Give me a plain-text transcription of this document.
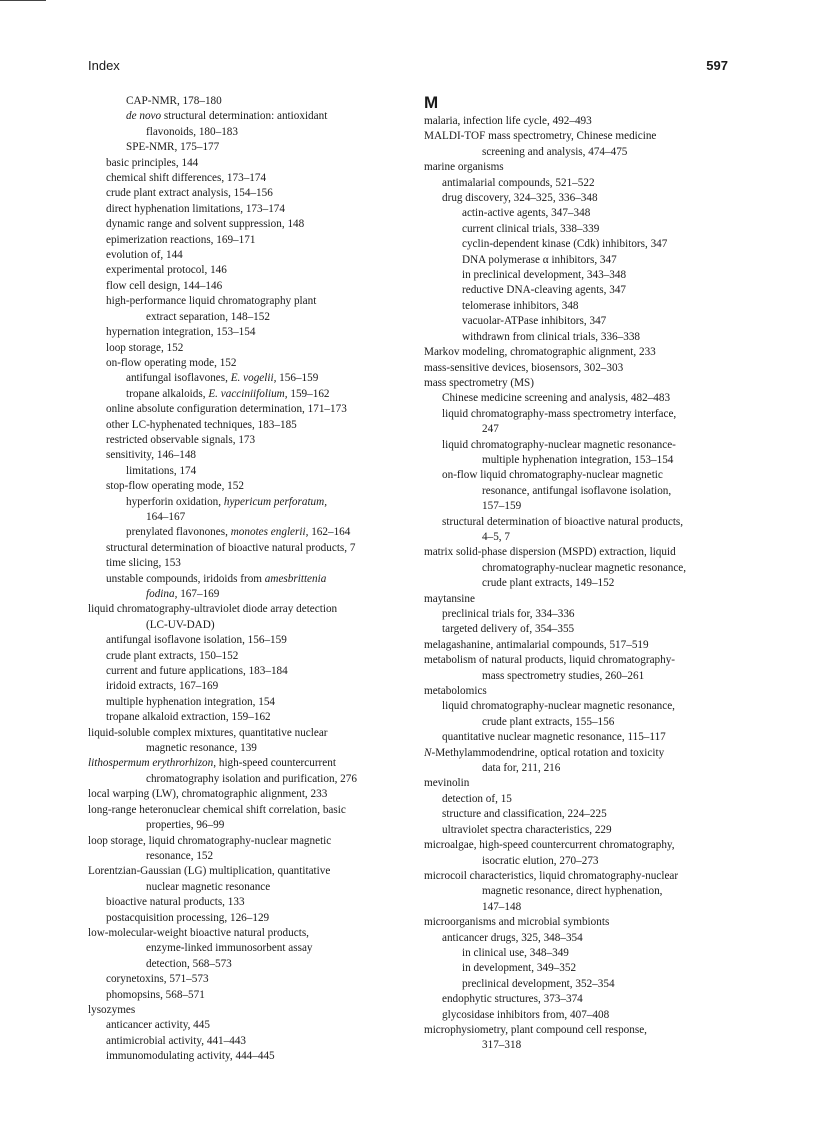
Index	597
CAP-NMR, 178–180
de novo structural determination: antioxidant
flavonoids, 180–183
SPE-NMR, 175–177
basic principles, 144
chemical shift differences, 173–174
crude plant extract analysis, 154–156
direct hyphenation limitations, 173–174
dynamic range and solvent suppression, 148
epimerization reactions, 169–171
evolution of, 144
experimental protocol, 146
flow cell design, 144–146
high-performance liquid chromatography plant
extract separation, 148–152
hypernation integration, 153–154
loop storage, 152
on-flow operating mode, 152
antifungal isoflavones, E. vogelii, 156–159
tropane alkaloids, E. vacciniifolium, 159–162
online absolute configuration determination, 171–173
other LC-hyphenated techniques, 183–185
restricted observable signals, 173
sensitivity, 146–148
limitations, 174
stop-flow operating mode, 152
hyperforin oxidation, hypericum perforatum,
164–167
prenylated flavonones, monotes englerii, 162–164
structural determination of bioactive natural products, 7
time slicing, 153
unstable compounds, iridoids from amesbrittenia
fodina, 167–169
liquid chromatography-ultraviolet diode array detection
(LC-UV-DAD)
antifungal isoflavone isolation, 156–159
crude plant extracts, 150–152
current and future applications, 183–184
iridoid extracts, 167–169
multiple hyphenation integration, 154
tropane alkaloid extraction, 159–162
liquid-soluble complex mixtures, quantitative nuclear
magnetic resonance, 139
lithospermum erythrorhizon, high-speed countercurrent
chromatography isolation and purification, 276
local warping (LW), chromatographic alignment, 233
long-range heteronuclear chemical shift correlation, basic
properties, 96–99
loop storage, liquid chromatography-nuclear magnetic
resonance, 152
Lorentzian-Gaussian (LG) multiplication, quantitative
nuclear magnetic resonance
bioactive natural products, 133
postacquisition processing, 126–129
low-molecular-weight bioactive natural products,
enzyme-linked immunosorbent assay
detection, 568–573
corynetoxins, 571–573
phomopsins, 568–571
lysozymes
anticancer activity, 445
antimicrobial activity, 441–443
immunomodulating activity, 444–445
M
malaria, infection life cycle, 492–493
MALDI-TOF mass spectrometry, Chinese medicine
screening and analysis, 474–475
marine organisms
antimalarial compounds, 521–522
drug discovery, 324–325, 336–348
actin-active agents, 347–348
current clinical trials, 338–339
cyclin-dependent kinase (Cdk) inhibitors, 347
DNA polymerase α inhibitors, 347
in preclinical development, 343–348
reductive DNA-cleaving agents, 347
telomerase inhibitors, 348
vacuolar-ATPase inhibitors, 347
withdrawn from clinical trials, 336–338
Markov modeling, chromatographic alignment, 233
mass-sensitive devices, biosensors, 302–303
mass spectrometry (MS)
Chinese medicine screening and analysis, 482–483
liquid chromatography-mass spectrometry interface,
247
liquid chromatography-nuclear magnetic resonance-
multiple hyphenation integration, 153–154
on-flow liquid chromatography-nuclear magnetic
resonance, antifungal isoflavone isolation,
157–159
structural determination of bioactive natural products,
4–5, 7
matrix solid-phase dispersion (MSPD) extraction, liquid
chromatography-nuclear magnetic resonance,
crude plant extracts, 149–152
maytansine
preclinical trials for, 334–336
targeted delivery of, 354–355
melagashanine, antimalarial compounds, 517–519
metabolism of natural products, liquid chromatography-
mass spectrometry studies, 260–261
metabolomics
liquid chromatography-nuclear magnetic resonance,
crude plant extracts, 155–156
quantitative nuclear magnetic resonance, 115–117
N-Methylammodendrine, optical rotation and toxicity
data for, 211, 216
mevinolin
detection of, 15
structure and classification, 224–225
ultraviolet spectra characteristics, 229
microalgae, high-speed countercurrent chromatography,
isocratic elution, 270–273
microcoil characteristics, liquid chromatography-nuclear
magnetic resonance, direct hyphenation,
147–148
microorganisms and microbial symbionts
anticancer drugs, 325, 348–354
in clinical use, 348–349
in development, 349–352
preclinical development, 352–354
endophytic structures, 373–374
glycosidase inhibitors from, 407–408
microphysiometry, plant compound cell response,
317–318
